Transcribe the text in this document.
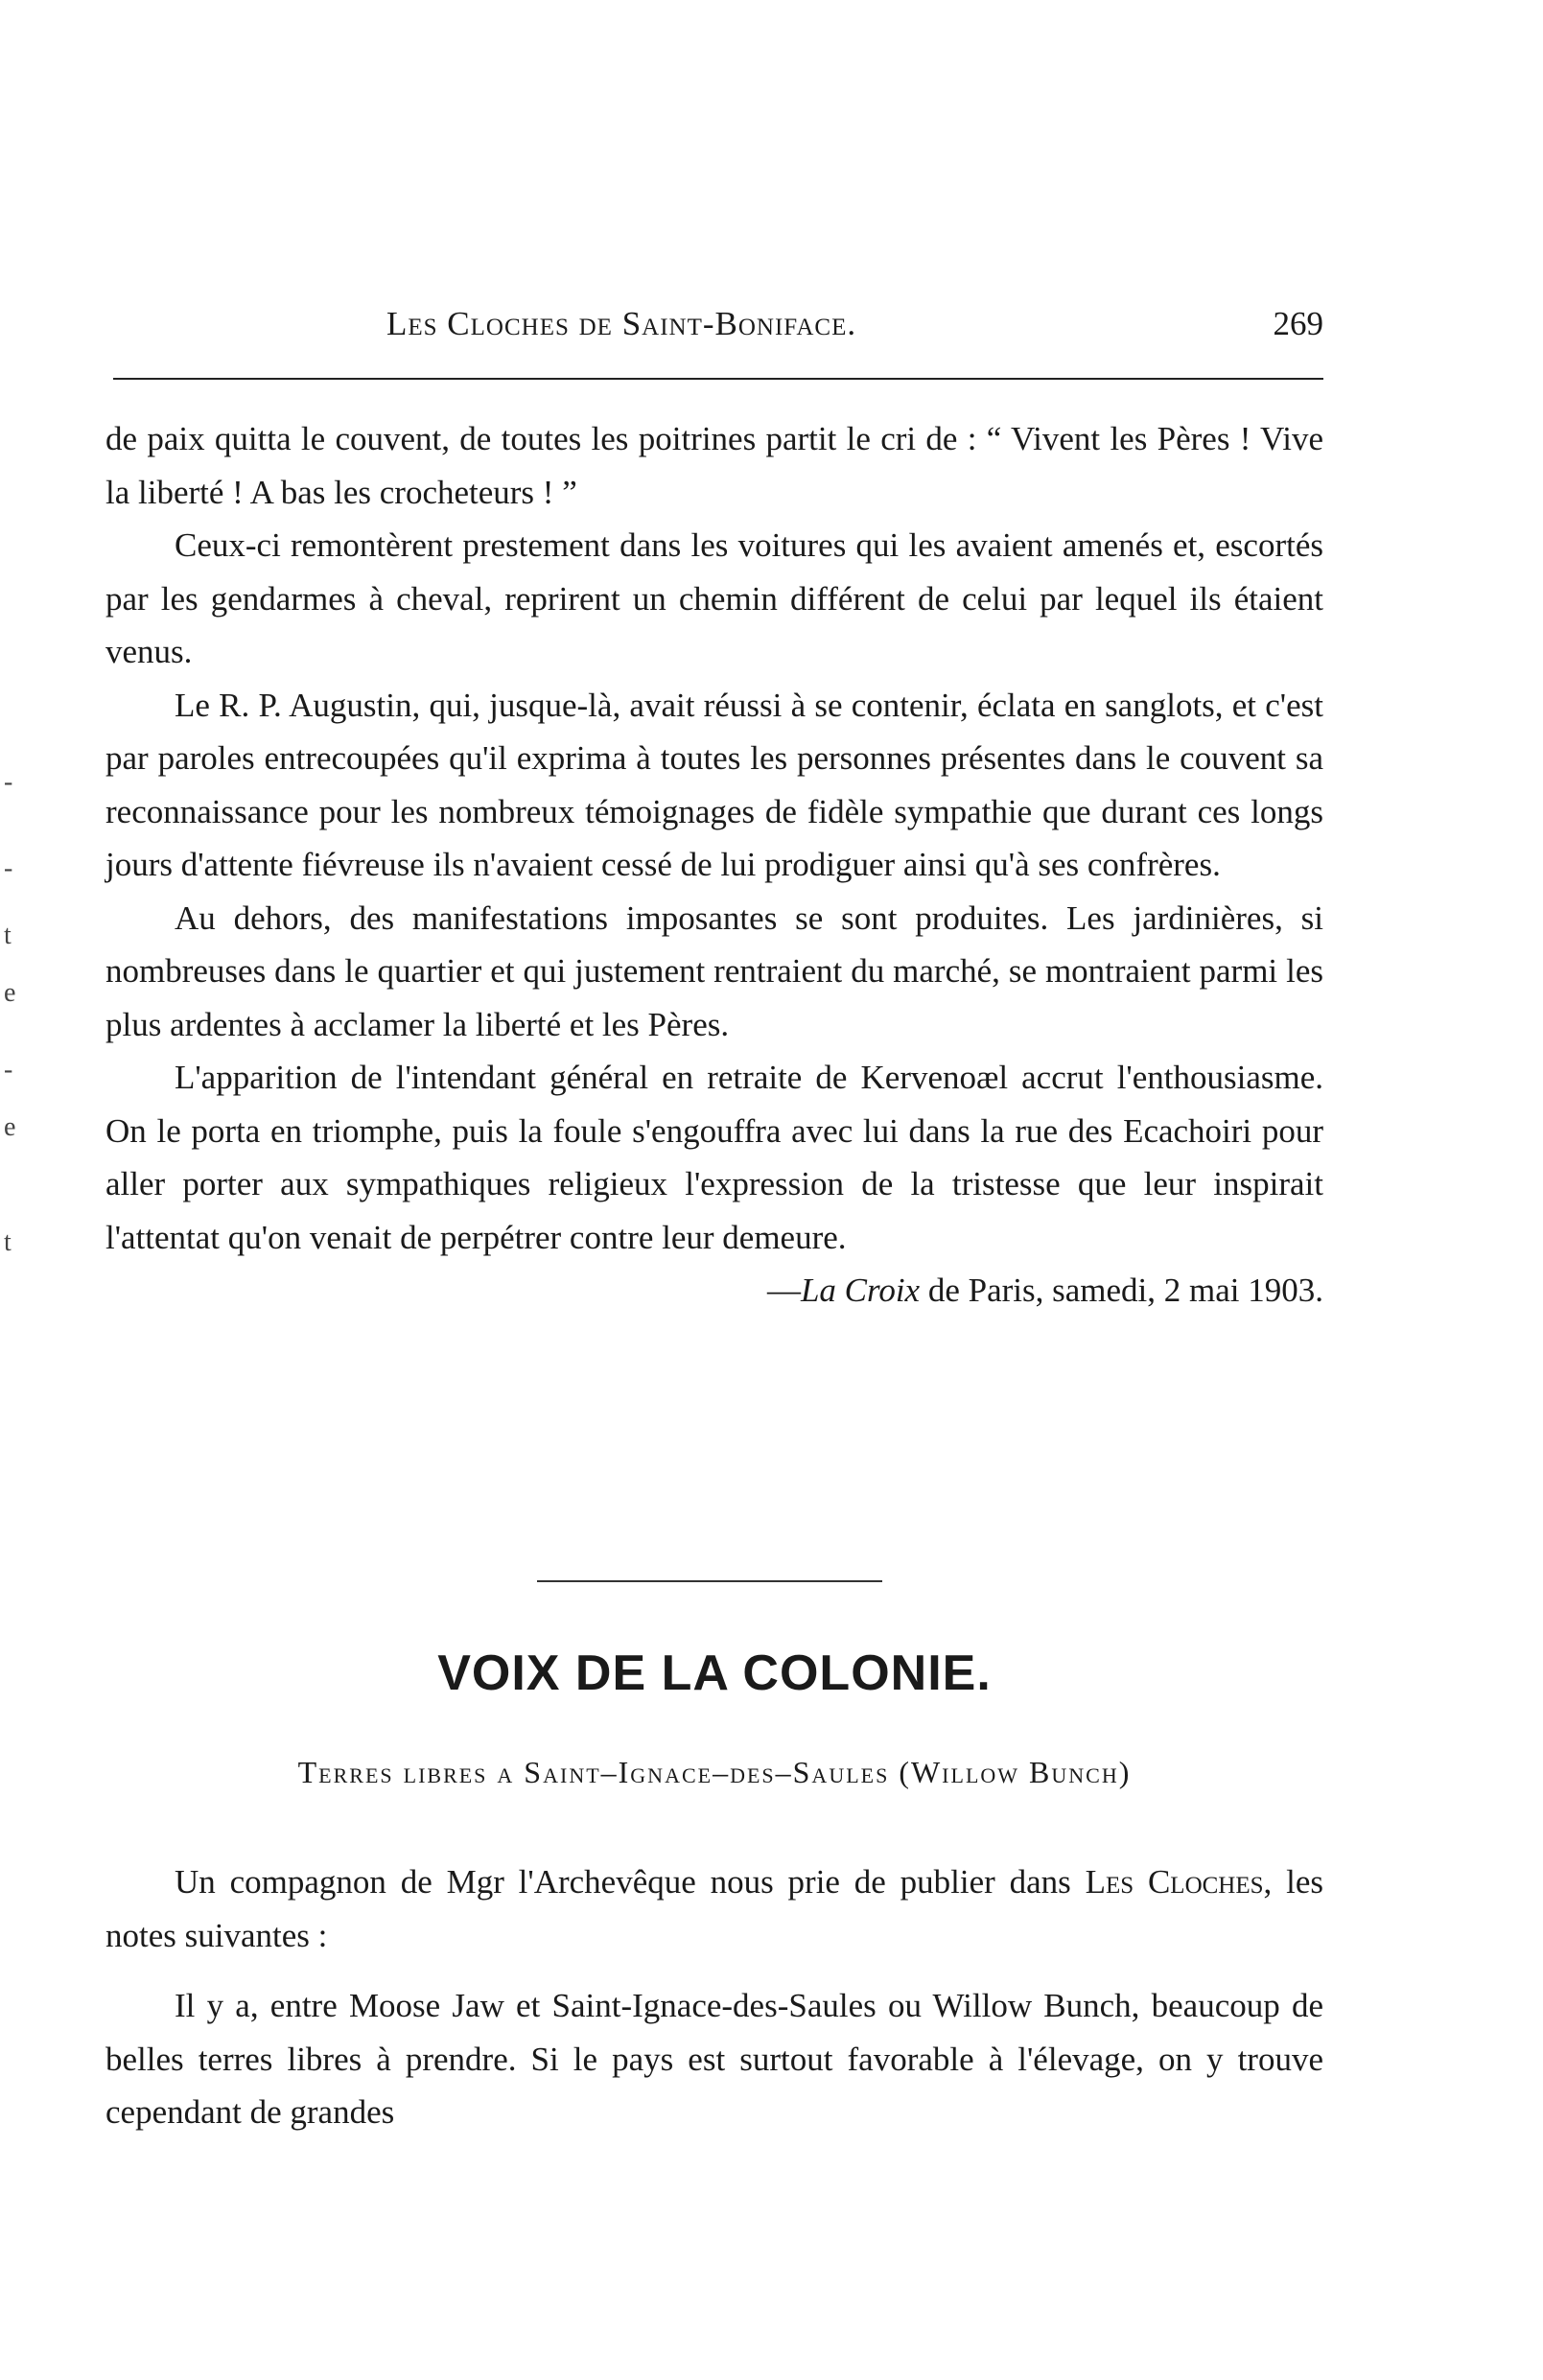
-
-
t
e
-
e
t
Les Cloches de Saint-Boniface.	269

de paix quitta le couvent, de toutes les poitrines partit le cri de : “ Vivent les Pères ! Vive la liberté ! A bas les crocheteurs ! ”

Ceux-ci remontèrent prestement dans les voitures qui les avaient amenés et, escortés par les gendarmes à cheval, reprirent un chemin différent de celui par lequel ils étaient venus.

Le R. P. Augustin, qui, jusque-là, avait réussi à se contenir, éclata en sanglots, et c'est par paroles entrecoupées qu'il exprima à toutes les personnes présentes dans le couvent sa reconnaissance pour les nombreux témoignages de fidèle sympathie que durant ces longs jours d'attente fiévreuse ils n'avaient cessé de lui prodiguer ainsi qu'à ses confrères.

Au dehors, des manifestations imposantes se sont produites. Les jardinières, si nombreuses dans le quartier et qui justement rentraient du marché, se montraient parmi les plus ardentes à acclamer la liberté et les Pères.

L'apparition de l'intendant général en retraite de Kervenoæl accrut l'enthousiasme. On le porta en triomphe, puis la foule s'engouffra avec lui dans la rue des Ecachoiri pour aller porter aux sympathiques religieux l'expression de la tristesse que leur inspirait l'attentat qu'on venait de perpétrer contre leur demeure.

—La Croix de Paris, samedi, 2 mai 1903.

VOIX DE LA COLONIE.
Terres libres a Saint–Ignace–des–Saules (Willow Bunch)

Un compagnon de Mgr l'Archevêque nous prie de publier dans Les Cloches, les notes suivantes :

Il y a, entre Moose Jaw et Saint-Ignace-des-Saules ou Willow Bunch, beaucoup de belles terres libres à prendre. Si le pays est surtout favorable à l'élevage, on y trouve cependant de grandes
